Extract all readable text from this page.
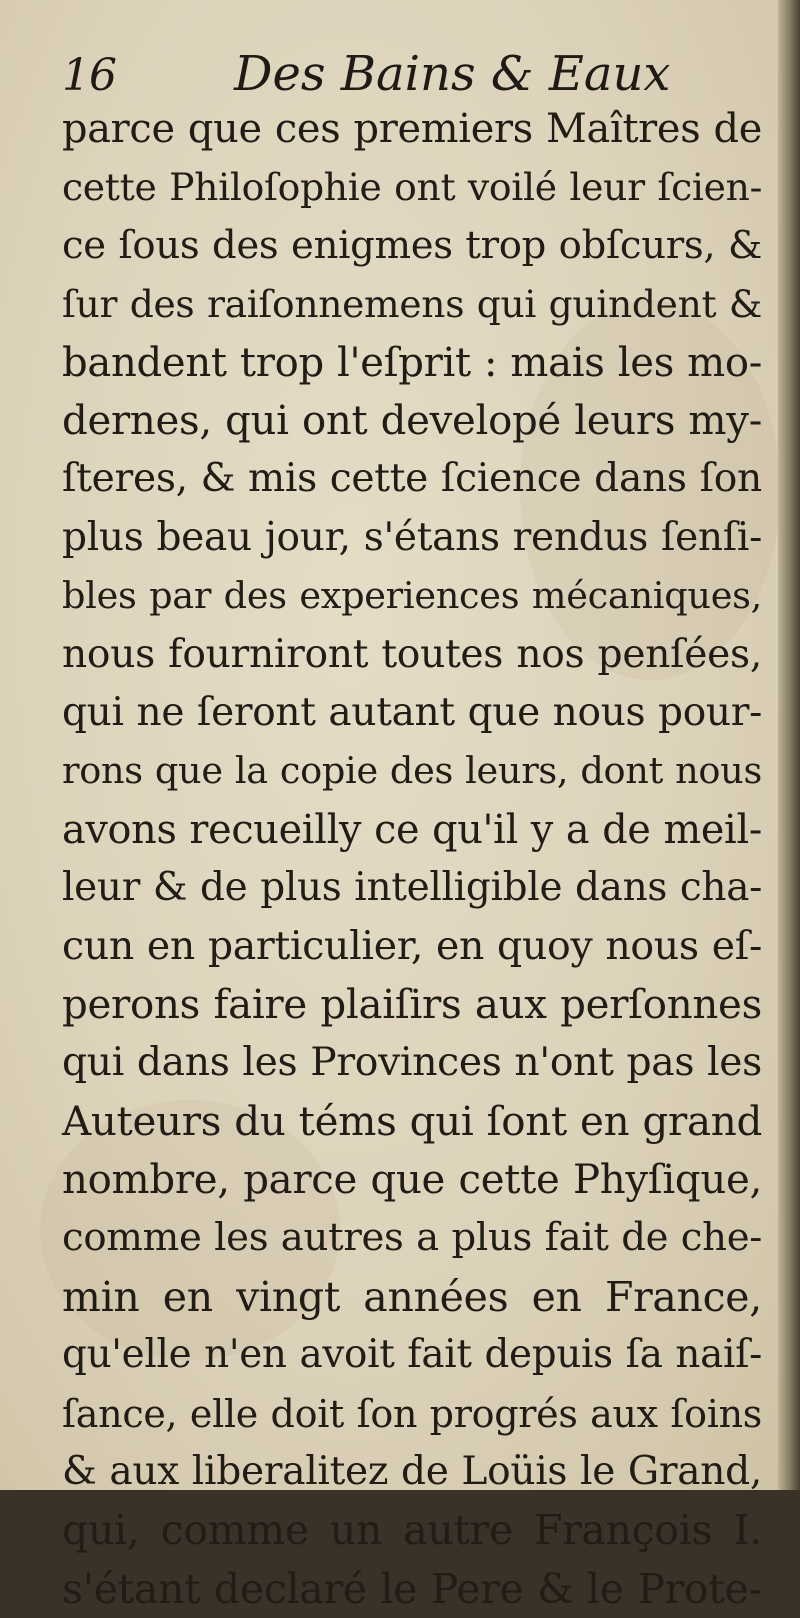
16 Des Bains & Eaux
parce que ces premiers Maîtres de
cette Philoſophie ont voilé leur ſcien-
ce ſous des enigmes trop obſcurs, &
ſur des raiſonnemens qui guindent &
bandent trop l'eſprit : mais les mo-
dernes, qui ont developé leurs my-
ſteres, & mis cette ſcience dans ſon
plus beau jour, s'étans rendus ſenſi-
bles par des experiences mécaniques,
nous fourniront toutes nos penſées,
qui ne ſeront autant que nous pour-
rons que la copie des leurs, dont nous
avons recueilly ce qu'il y a de meil-
leur & de plus intelligible dans cha-
cun en particulier, en quoy nous eſ-
perons faire plaiſirs aux perſonnes
qui dans les Provinces n'ont pas les
Auteurs du téms qui ſont en grand
nombre, parce que cette Phyſique,
comme les autres a plus fait de che-
min en vingt années en France,
qu'elle n'en avoit fait depuis ſa naiſ-
ſance, elle doit ſon progrés aux ſoins
& aux liberalitez de Loüis le Grand,
qui, comme un autre François I.
s'étant declaré le Pere & le Prote-
